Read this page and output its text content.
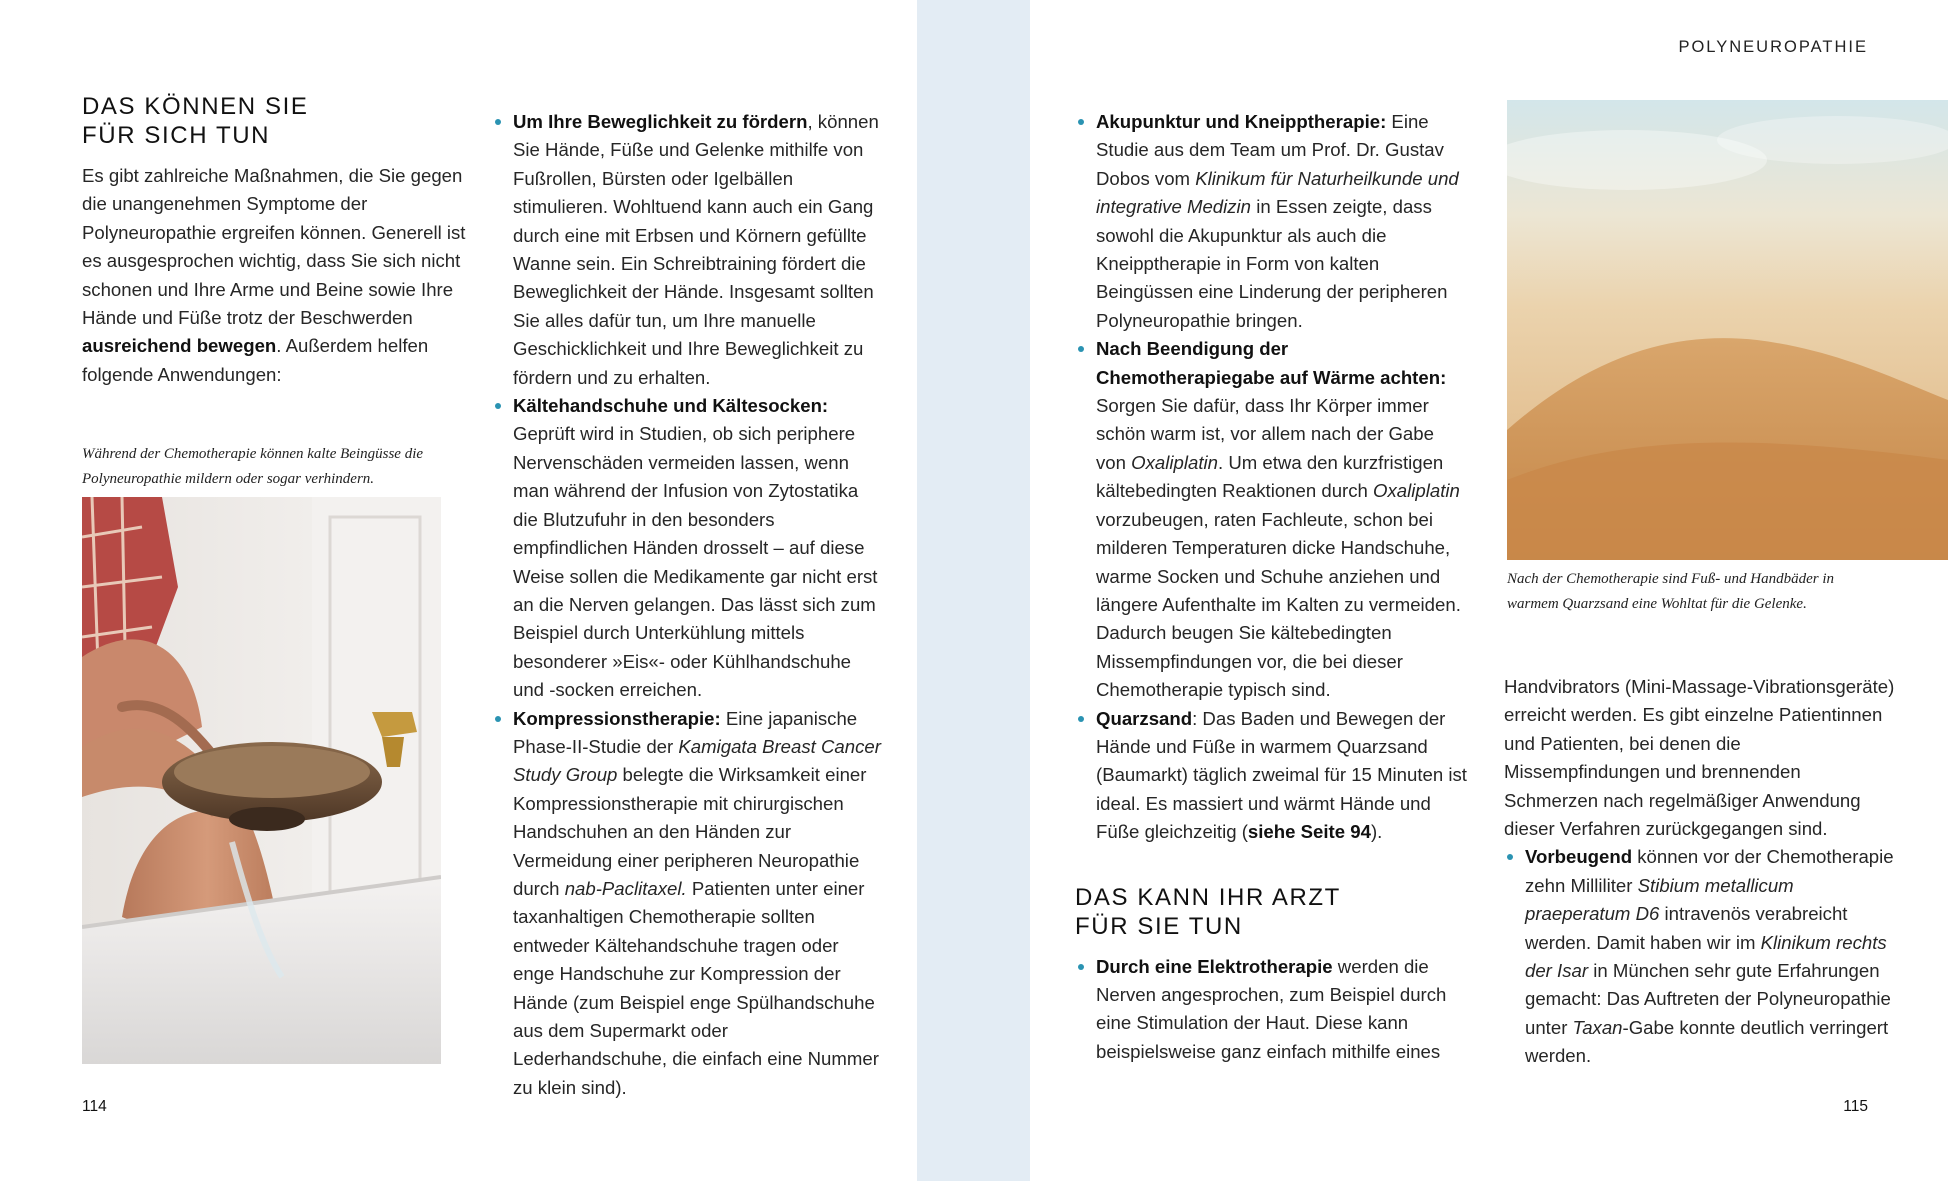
POLYNEUROPATHIE
DAS KÖNNEN SIE
FÜR SICH TUN

Es gibt zahlreiche Maßnahmen, die Sie gegen die unangenehmen Symptome der Polyneuropathie ergreifen können. Generell ist es ausgesprochen wichtig, dass Sie sich nicht schonen und Ihre Arme und Beine sowie Ihre Hände und Füße trotz der Beschwerden ausreichend bewegen. Außerdem helfen folgende Anwendungen:

Während der Chemotherapie können kalte Beingüsse die Polyneuropathie mildern oder sogar verhindern.
Um Ihre Beweglichkeit zu fördern, können Sie Hände, Füße und Gelenke mithilfe von Fußrollen, Bürsten oder Igelbällen stimulieren. Wohltuend kann auch ein Gang durch eine mit Erbsen und Körnern gefüllte Wanne sein. Ein Schreibtraining fördert die Beweglichkeit der Hände. Insgesamt sollten Sie alles dafür tun, um Ihre manuelle Geschicklichkeit und Ihre Beweglichkeit zu fördern und zu erhalten.
Kältehandschuhe und Kältesocken: Geprüft wird in Studien, ob sich periphere Nervenschäden vermeiden lassen, wenn man während der Infusion von Zytostatika die Blutzufuhr in den besonders empfindlichen Händen drosselt – auf diese Weise sollen die Medikamente gar nicht erst an die Nerven gelangen. Das lässt sich zum Beispiel durch Unterkühlung mittels besonderer »Eis«- oder Kühlhandschuhe und -socken erreichen.
Kompressionstherapie: Eine japanische Phase-II-Studie der Kamigata Breast Cancer Study Group belegte die Wirksamkeit einer Kompressionstherapie mit chirurgischen Handschuhen an den Händen zur Vermeidung einer peripheren Neuropathie durch nab-Paclitaxel. Patienten unter einer taxanhaltigen Chemotherapie sollten entweder Kältehandschuhe tragen oder enge Handschuhe zur Kompression der Hände (zum Beispiel enge Spülhandschuhe aus dem Supermarkt oder Lederhandschuhe, die einfach eine Nummer zu klein sind).
Akupunktur und Kneipptherapie: Eine Studie aus dem Team um Prof. Dr. Gustav Dobos vom Klinikum für Naturheilkunde und integrative Medizin in Essen zeigte, dass sowohl die Akupunktur als auch die Kneipptherapie in Form von kalten Beingüssen eine Linderung der peripheren Polyneuropathie bringen.
Nach Beendigung der Chemotherapiegabe auf Wärme achten: Sorgen Sie dafür, dass Ihr Körper immer schön warm ist, vor allem nach der Gabe von Oxaliplatin. Um etwa den kurzfristigen kältebedingten Reaktionen durch Oxaliplatin vorzubeugen, raten Fachleute, schon bei milderen Temperaturen dicke Handschuhe, warme Socken und Schuhe anziehen und längere Aufenthalte im Kalten zu vermeiden. Dadurch beugen Sie kältebedingten Missempfindungen vor, die bei dieser Chemotherapie typisch sind.
Quarzsand: Das Baden und Bewegen der Hände und Füße in warmem Quarzsand (Baumarkt) täglich zweimal für 15 Minuten ist ideal. Es massiert und wärmt Hände und Füße gleichzeitig (siehe Seite 94).
DAS KANN IHR ARZT
FÜR SIE TUN
Durch eine Elektrotherapie werden die Nerven angesprochen, zum Beispiel durch eine Stimulation der Haut. Diese kann beispielsweise ganz einfach mithilfe eines
Nach der Chemotherapie sind Fuß- und Handbäder in warmem Quarzsand eine Wohltat für die Gelenke.

Handvibrators (Mini-Massage-Vibrationsgeräte) erreicht werden. Es gibt einzelne Patientinnen und Patienten, bei denen die Missempfindungen und brennenden Schmerzen nach regelmäßiger Anwendung dieser Verfahren zurückgegangen sind.

Vorbeugend können vor der Chemotherapie zehn Milliliter Stibium metallicum praeperatum D6 intravenös verabreicht werden. Damit haben wir im Klinikum rechts der Isar in München sehr gute Erfahrungen gemacht: Das Auftreten der Polyneuropathie unter Taxan-Gabe konnte deutlich verringert werden.
114	115
